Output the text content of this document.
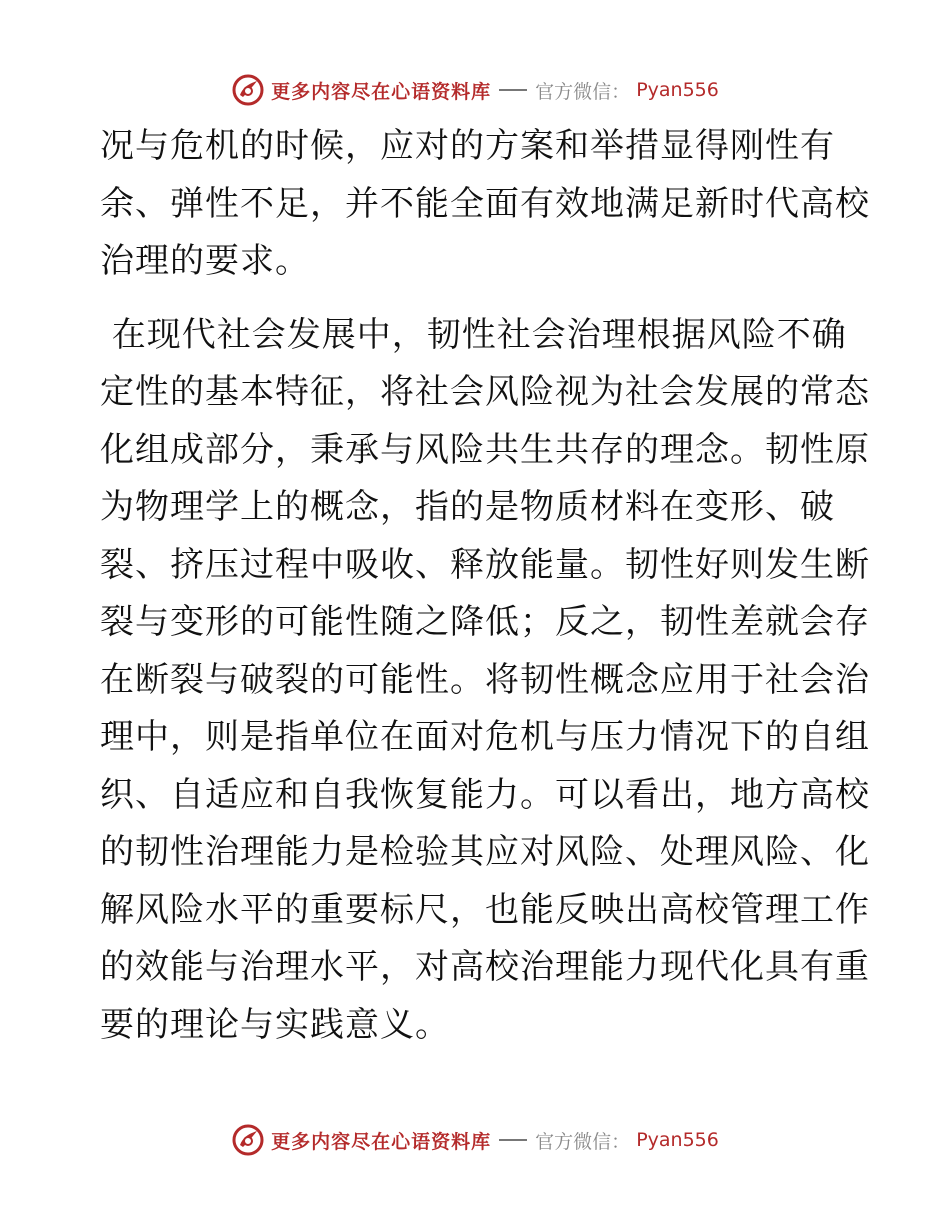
更多内容尽在心语资料库 官方微信： Pyan556

况与危机的时候，应对的方案和举措显得刚性有
余、弹性不足，并不能全面有效地满足新时代高校
治理的要求。

在现代社会发展中，韧性社会治理根据风险不确
定性的基本特征，将社会风险视为社会发展的常态
化组成部分，秉承与风险共生共存的理念。韧性原
为物理学上的概念，指的是物质材料在变形、破
裂、挤压过程中吸收、释放能量。韧性好则发生断
裂与变形的可能性随之降低；反之，韧性差就会存
在断裂与破裂的可能性。将韧性概念应用于社会治
理中，则是指单位在面对危机与压力情况下的自组
织、自适应和自我恢复能力。可以看出，地方高校
的韧性治理能力是检验其应对风险、处理风险、化
解风险水平的重要标尺，也能反映出高校管理工作
的效能与治理水平，对高校治理能力现代化具有重
要的理论与实践意义。

更多内容尽在心语资料库 官方微信： Pyan556
